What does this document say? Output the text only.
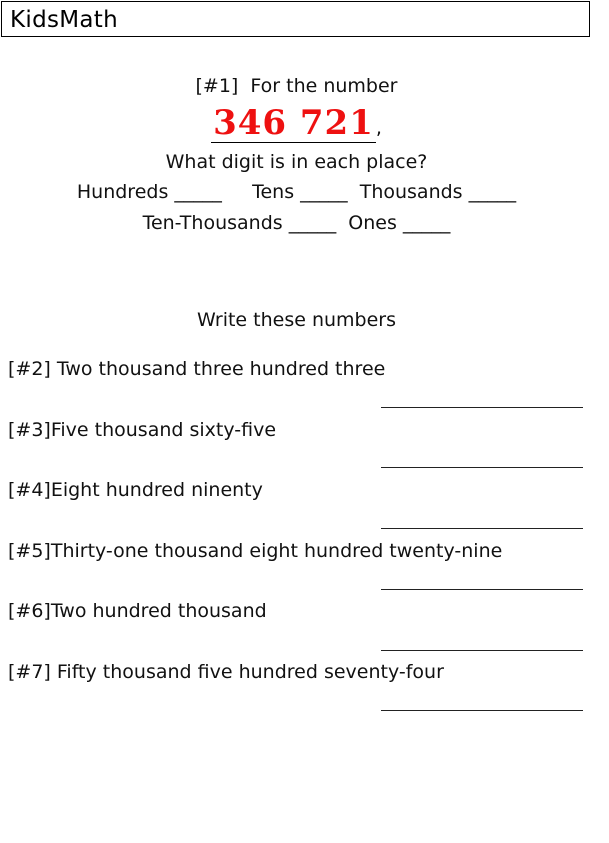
KidsMath
[#1]  For the number
346 721 ,
What digit is in each place?
Hundreds _____     Tens _____  Thousands _____
Ten-Thousands _____  Ones _____
Write these numbers
[#2] Two thousand three hundred three
[#3]Five thousand sixty-five
[#4]Eight hundred ninenty
[#5]Thirty-one thousand eight hundred twenty-nine
[#6]Two hundred thousand
[#7] Fifty thousand five hundred seventy-four
